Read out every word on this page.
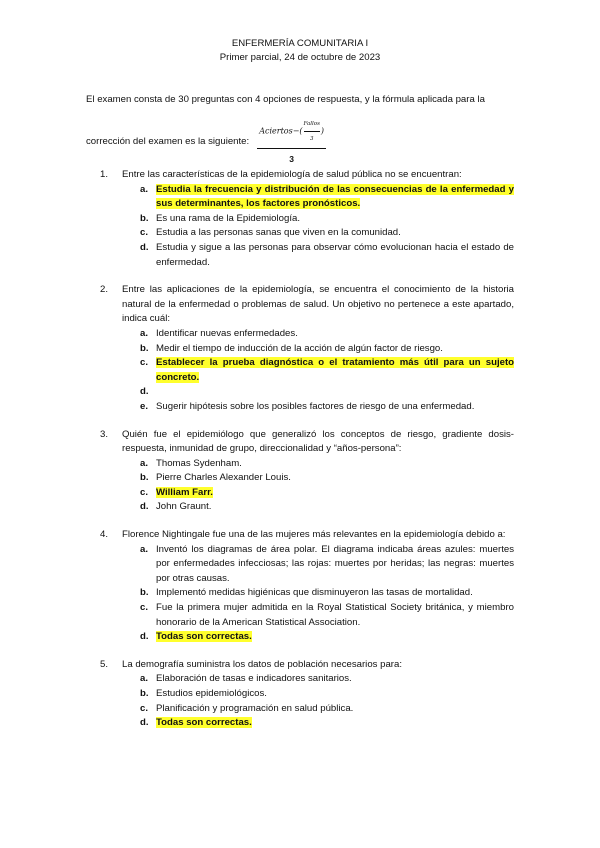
ENFERMERÍA COMUNITARIA I
Primer parcial, 24 de octubre de 2023
El examen consta de 30 preguntas con 4 opciones de respuesta, y la fórmula aplicada para la
corrección del examen es la siguiente: Aciertos−(
Fallos
3
)
3
1. Entre las características de la epidemiología de salud pública no se encuentran:
a. Estudia la frecuencia y distribución de las consecuencias de la enfermedad y sus determinantes, los factores pronósticos.
b. Es una rama de la Epidemiología.
c. Estudia a las personas sanas que viven en la comunidad.
d. Estudia y sigue a las personas para observar cómo evolucionan hacia el estado de enfermedad.
2. Entre las aplicaciones de la epidemiología, se encuentra el conocimiento de la historia natural de la enfermedad o problemas de salud. Un objetivo no pertenece a este apartado, indica cuál:
a. Identificar nuevas enfermedades.
b. Medir el tiempo de inducción de la acción de algún factor de riesgo.
c. Establecer la prueba diagnóstica o el tratamiento más útil para un sujeto concreto.
d.
e. Sugerir hipótesis sobre los posibles factores de riesgo de una enfermedad.
3. Quién fue el epidemiólogo que generalizó los conceptos de riesgo, gradiente dosis-respuesta, inmunidad de grupo, direccionalidad y “años-persona”:
a. Thomas Sydenham.
b. Pierre Charles Alexander Louis.
c. William Farr.
d. John Graunt.
4. Florence Nightingale fue una de las mujeres más relevantes en la epidemiología debido a:
a. Inventó los diagramas de área polar. El diagrama indicaba áreas azules: muertes por enfermedades infecciosas; las rojas: muertes por heridas; las negras: muertes por otras causas.
b. Implementó medidas higiénicas que disminuyeron las tasas de mortalidad.
c. Fue la primera mujer admitida en la Royal Statistical Society británica, y miembro honorario de la American Statistical Association.
d. Todas son correctas.
5. La demografía suministra los datos de población necesarios para:
a. Elaboración de tasas e indicadores sanitarios.
b. Estudios epidemiológicos.
c. Planificación y programación en salud pública.
d. Todas son correctas.
